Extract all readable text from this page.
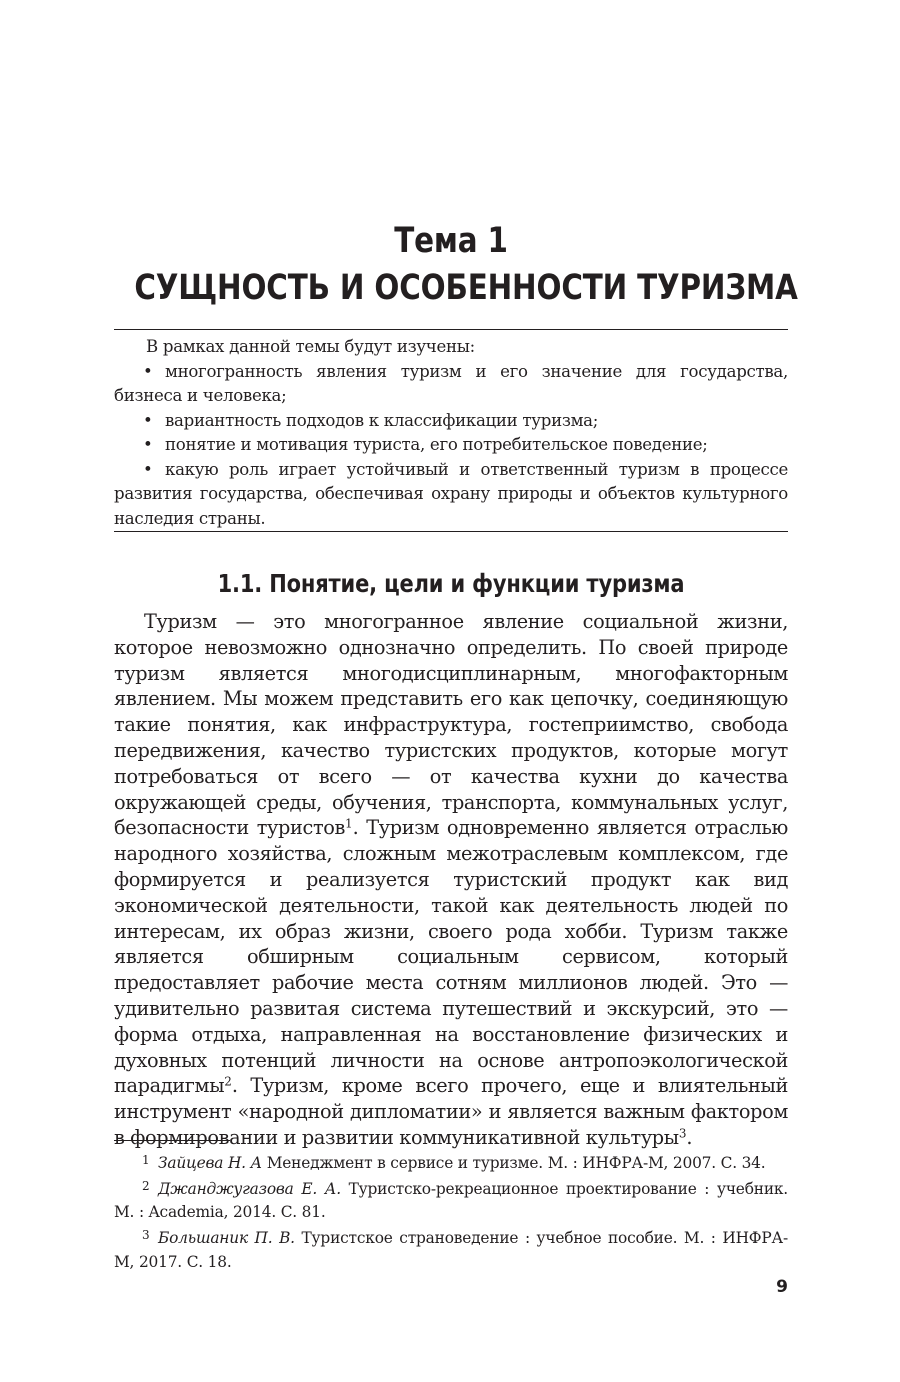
Тема 1
СУЩНОСТЬ И ОСОБЕННОСТИ ТУРИЗМА

В рамках данной темы будут изучены:

• многогранность явления туризм и его значение для государства, бизнеса и человека;

• вариантность подходов к классификации туризма;

• понятие и мотивация туриста, его потребительское поведение;

• какую роль играет устойчивый и ответственный туризм в процессе развития государства, обеспечивая охрану природы и объектов культурного наследия страны.

1.1. Понятие, цели и функции туризма

Туризм — это многогранное явление социальной жизни, которое невозможно однозначно определить. По своей природе туризм является многодисциплинарным, многофакторным явлением. Мы можем представить его как цепочку, соединяющую такие понятия, как инфраструктура, гостеприимство, свобода передвижения, качество туристских продуктов, которые могут потребоваться от всего — от качества кухни до качества окружающей среды, обучения, транспорта, коммунальных услуг, безопасности туристов$^1$. Туризм одновременно является отраслью народного хозяйства, сложным межотраслевым комплексом, где формируется и реализуется туристский продукт как вид экономической деятельности, такой как деятельность людей по интересам, их образ жизни, своего рода хобби. Туризм также является обширным социальным сервисом, который предоставляет рабочие места сотням миллионов людей. Это — удивительно развитая система путешествий и экскурсий, это — форма отдыха, направленная на восстановление физических и духовных потенций личности на основе антропоэкологической парадигмы$^2$. Туризм, кроме всего прочего, еще и влиятельный инструмент «народной дипломатии» и является важным фактором в формировании и развитии коммуникативной культуры$^3$.

1 Зайцева Н. А Менеджмент в сервисе и туризме. М. : ИНФРА-М, 2007. С. 34.

2 Джанджугазова Е. А. Туристско-рекреационное проектирование : учебник. М. : Academia, 2014. С. 81.

3 Большаник П. В. Туристское страноведение : учебное пособие. М. : ИНФРА-М, 2017. С. 18.

9
